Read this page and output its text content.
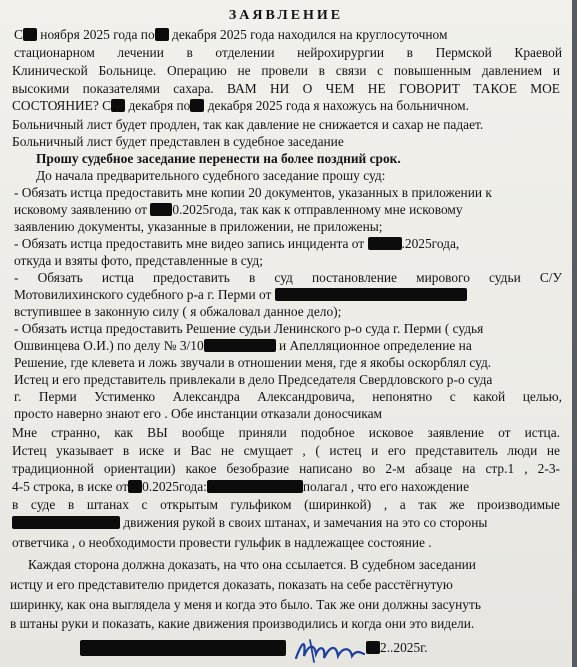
ЗАЯВЛЕНИЕ
С ноября 2025 года по декабря 2025 года находился на круглосуточном
стационарном лечении в отделении нейрохирургии в Пермской Краевой
Клинической Больнице. Операцию не провели в связи с повышенным давлением и
высокими показателями сахара. ВАМ НИ О ЧЕМ НЕ ГОВОРИТ ТАКОЕ МОЕ
СОСТОЯНИЕ? С декабря по декабря 2025 года я нахожусь на больничном.
Больничный лист будет продлен, так как давление не снижается и сахар не падает.
Больничный лист будет представлен в судебное заседание
Прошу судебное заседание перенести на более поздний срок.
До начала предварительного судебного заседание прошу суд:
- Обязать истца предоставить мне копии 20 документов, указанных в приложении к
исковому заявлению от 0.2025года, так как к отправленному мне исковому
заявлению документы, указанные в приложении, не приложены;
- Обязать истца предоставить мне видео запись инцидента от	.2025года,
откуда и взяты фото, представленные в суд;
- Обязать истца предоставить в суд постановление мирового судьи С/У
Мотовилихинского судебного р-а г. Перми от
вступившее в законную силу ( я обжаловал данное дело);
- Обязать истца предоставить Решение судьи Ленинского р-о суда г. Перми ( судья
Ошвинцева О.И.) по делу № 3/10	и Апелляционное определение на
Решение, где клевета и ложь звучали в отношении меня, где я якобы оскорблял суд.
Истец и его представитель привлекали в дело Председателя Свердловского р-о суда
г. Перми Устименко Александра Александровича, непонятно с какой целью,
просто наверно знают его . Обе инстанции отказали доносчикам
Мне странно, как ВЫ вообще приняли подобное исковое заявление от истца.
Истец указывает в иске и Вас не смущает , ( истец и его представитель люди не
традиционной ориентации) какое безобразие написано во 2-м абзаце на стр.1 , 2-3-
4-5 строка, в иске от 0.2025года:	полагал , что его нахождение
в суде в штанах с открытым гульфиком (ширинкой) , а так же производимые
движения рукой в своих штанах, и замечания на это со стороны
ответчика , о необходимости провести гульфик в надлежащее состояние .
Каждая сторона должна доказать, на что она ссылается. В судебном заседании
истцу и его представителю придется доказать, показать на себе расстёгнутую
ширинку, как она выглядела у меня и когда это было. Так же они должны засунуть
в штаны руки и показать, какие движения производились и когда они это видели.
2..2025г.
